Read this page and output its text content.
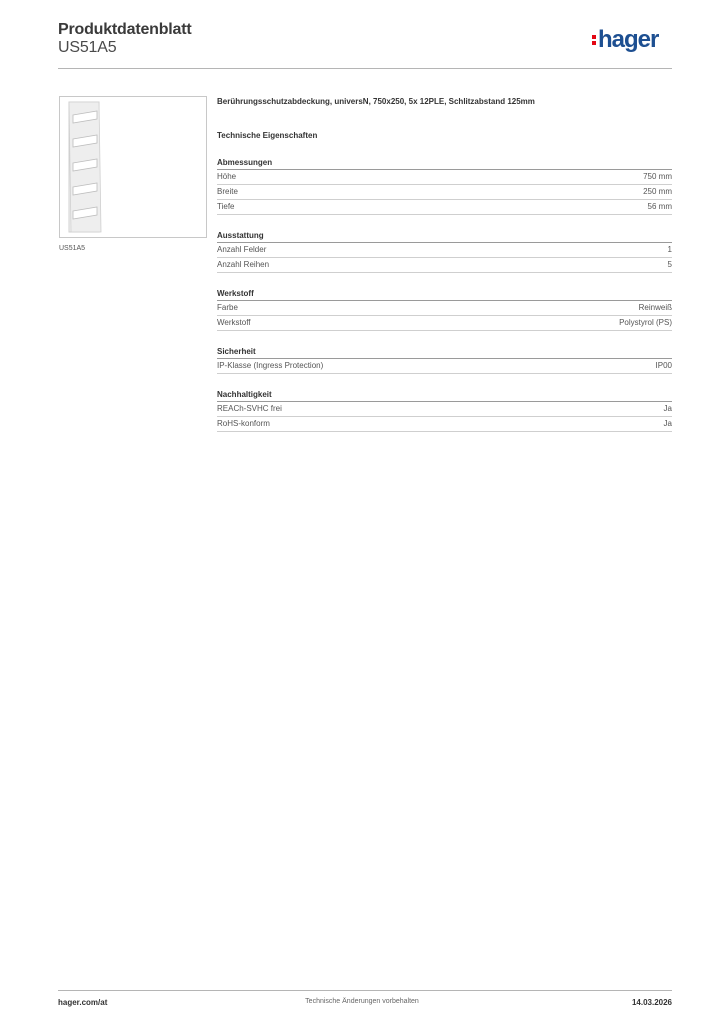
Produktdatenblatt
US51A5	hager
US51A5
Berührungsschutzabdeckung, universN, 750x250, 5x 12PLE, Schlitzabstand 125mm
Technische Eigenschaften
Abmessungen
Höhe	750 mm
Breite	250 mm
Tiefe	56 mm
Ausstattung
Anzahl Felder	1
Anzahl Reihen	5
Werkstoff
Farbe	Reinweiß
Werkstoff	Polystyrol (PS)
Sicherheit
IP-Klasse (Ingress Protection)	IP00
Nachhaltigkeit
REACh-SVHC frei	Ja
RoHS-konform	Ja
Technische Änderungen vorbehalten
hager.com/at	14.03.2026
